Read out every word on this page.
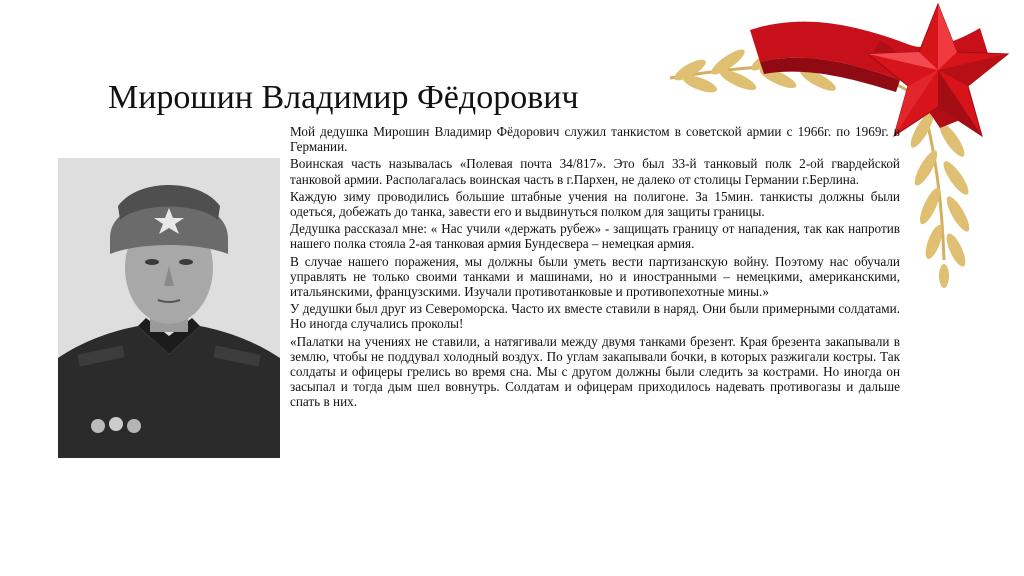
Мирошин Владимир Фёдорович

Мой дедушка Мирошин Владимир Фёдорович служил танкистом в советской армии с 1966г. по 1969г. в Германии.

Воинская часть называлась «Полевая почта 34/817». Это был 33-й танковый полк 2-ой гвардейской танковой армии. Располагалась воинская часть в г.Пархен, не далеко от столицы Германии г.Берлина.

Каждую зиму проводились большие штабные учения на полигоне. За 15мин. танкисты должны были одеться, добежать до танка, завести его и выдвинуться полком для защиты границы.

Дедушка рассказал мне: « Нас учили «держать рубеж» - защищать границу от нападения, так как напротив нашего полка стояла 2-ая танковая армия Бундесвера – немецкая армия.

В случае нашего поражения, мы должны были уметь вести партизанскую войну. Поэтому нас обучали управлять не только своими танками и машинами, но и иностранными – немецкими, американскими, итальянскими, французскими. Изучали противотанковые и противопехотные мины.»

У дедушки был друг из Североморска. Часто их вместе ставили в наряд. Они были примерными солдатами. Но иногда случались проколы!

«Палатки на учениях не ставили, а натягивали между двумя танками брезент. Края брезента закапывали в землю, чтобы не поддувал холодный воздух. По углам закапывали бочки, в которых разжигали костры. Так солдаты и офицеры грелись во время сна. Мы с другом должны были следить за кострами. Но иногда он засыпал и тогда дым шел вовнутрь. Солдатам и офицерам приходилось надевать противогазы и дальше спать в них.
